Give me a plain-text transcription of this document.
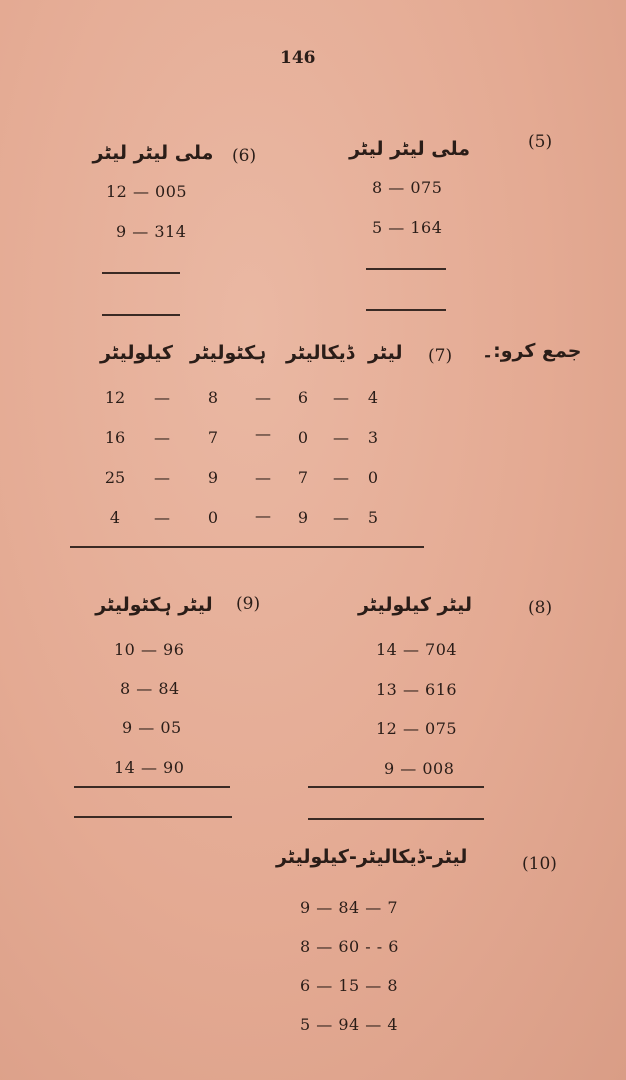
146
(5)
ملی لیٹر لیٹر
8 — 075
5 — 164
(6)
ملی لیٹر لیٹر
12 — 005
9 — 314
جمع کرو:۔
(7)
لیٹر
ڈیکالیٹر
ہکٹولیٹر
کیلولیٹر
12	—	8	—	6	—	4
16	—	7	—	0	—	3
25	—	9	—	7	—	0
4	—	0	—	9	—	5
(8)
لیٹر کیلولیٹر
14 — 704
13 — 616
12 — 075
9 — 008
(9)
لیٹر ہکٹولیٹر
10 — 96
8 — 84
9 — 05
14 — 90
(10)
لیٹر-ڈیکالیٹر-کیلولیٹر
9 — 84 — 7
8 — 60 - - 6
6 — 15 — 8
5 — 94 — 4
